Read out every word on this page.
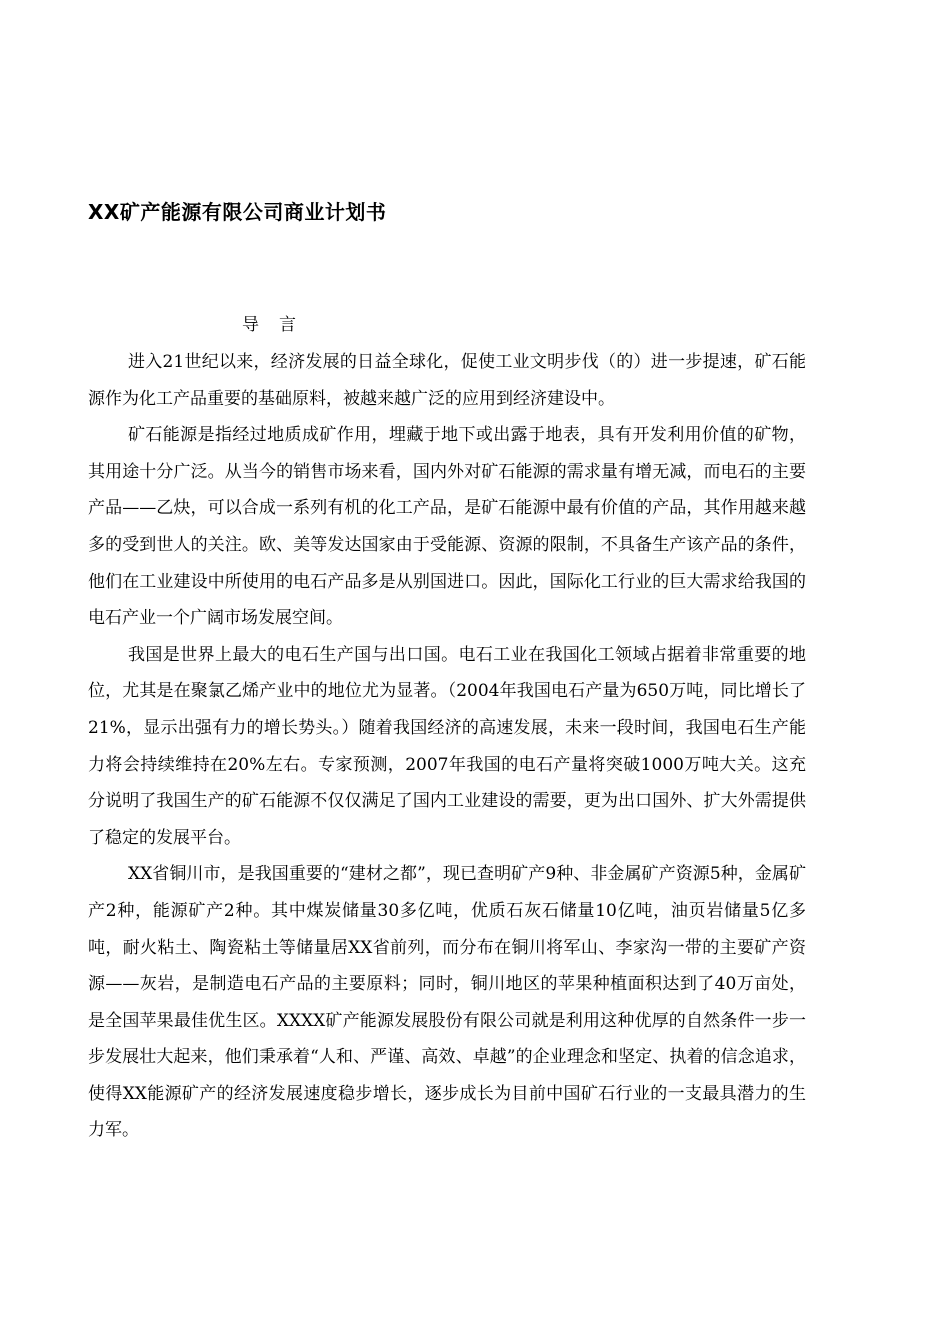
XX矿产能源有限公司商业计划书
导言

进入21世纪以来，经济发展的日益全球化，促使工业文明步伐（的）进一步提速，矿石能源作为化工产品重要的基础原料，被越来越广泛的应用到经济建设中。

矿石能源是指经过地质成矿作用，埋藏于地下或出露于地表，具有开发利用价值的矿物，其用途十分广泛。从当今的销售市场来看，国内外对矿石能源的需求量有增无减，而电石的主要产品——乙炔，可以合成一系列有机的化工产品，是矿石能源中最有价值的产品，其作用越来越多的受到世人的关注。欧、美等发达国家由于受能源、资源的限制，不具备生产该产品的条件，他们在工业建设中所使用的电石产品多是从别国进口。因此，国际化工行业的巨大需求给我国的电石产业一个广阔市场发展空间。

我国是世界上最大的电石生产国与出口国。电石工业在我国化工领域占据着非常重要的地位，尤其是在聚氯乙烯产业中的地位尤为显著。（2004年我国电石产量为650万吨，同比增长了21%，显示出强有力的增长势头。）随着我国经济的高速发展，未来一段时间，我国电石生产能力将会持续维持在20%左右。专家预测，2007年我国的电石产量将突破1000万吨大关。这充分说明了我国生产的矿石能源不仅仅满足了国内工业建设的需要，更为出口国外、扩大外需提供了稳定的发展平台。

XX省铜川市，是我国重要的“建材之都”，现已查明矿产9种、非金属矿产资源5种，金属矿产2种，能源矿产2种。其中煤炭储量30多亿吨，优质石灰石储量10亿吨，油页岩储量5亿多吨，耐火粘土、陶瓷粘土等储量居XX省前列，而分布在铜川将军山、李家沟一带的主要矿产资源——灰岩，是制造电石产品的主要原料；同时，铜川地区的苹果种植面积达到了40万亩处，是全国苹果最佳优生区。XXXX矿产能源发展股份有限公司就是利用这种优厚的自然条件一步一步发展壮大起来，他们秉承着“人和、严谨、高效、卓越”的企业理念和坚定、执着的信念追求，使得XX能源矿产的经济发展速度稳步增长，逐步成长为目前中国矿石行业的一支最具潜力的生力军。
